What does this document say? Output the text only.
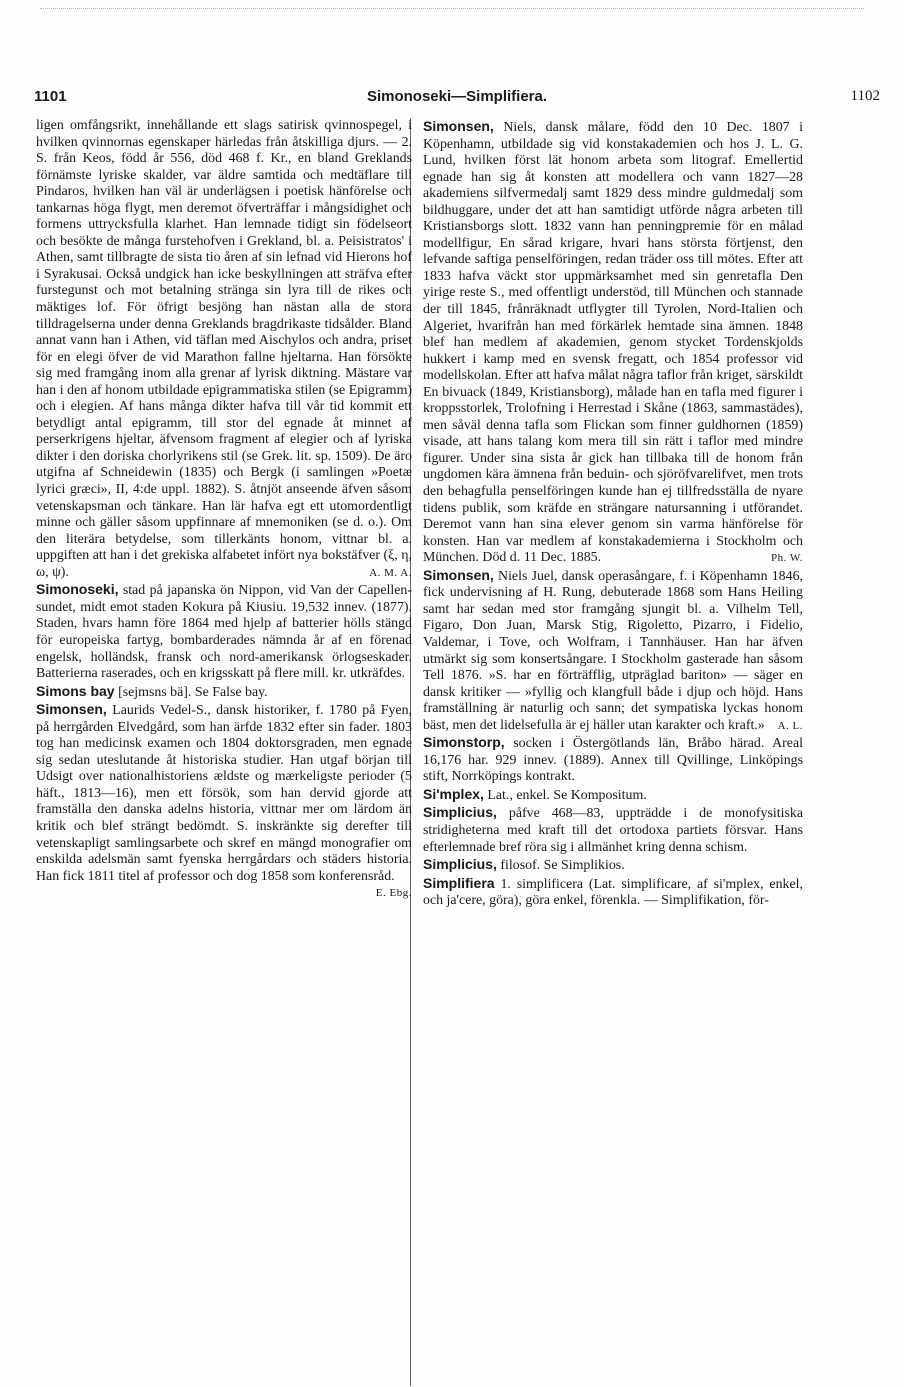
1101	Simonoseki—Simplifiera.	1102

ligen omfångsrikt, innehållande ett slags satirisk qvinnospegel, i hvilken qvinnornas egenskaper härledas från åtskilliga djurs. — 2. S. från Keos, född år 556, död 468 f. Kr., en bland Greklands förnämste lyriske skalder, var äldre samtida och medtäflare till Pindaros, hvilken han väl är underlägsen i poetisk hänförelse och tankarnas höga flygt, men deremot öfverträffar i mångsidighet och formens uttrycksfulla klarhet. Han lemnade tidigt sin födelseort och besökte de många furstehofven i Grekland, bl. a. Peisistratos' i Athen, samt tillbragte de sista tio åren af sin lefnad vid Hierons hof i Syrakusai. Också undgick han icke beskyllningen att sträfva efter furstegunst och mot betalning stränga sin lyra till de rikes och mäktiges lof. För öfrigt besjöng han nästan alla de stora tilldragelserna under denna Greklands bragdrikaste tidsålder. Bland annat vann han i Athen, vid täflan med Aischylos och andra, priset för en elegi öfver de vid Marathon fallne hjeltarna. Han försökte sig med framgång inom alla grenar af lyrisk diktning. Mästare var han i den af honom utbildade epigrammatiska stilen (se Epigramm) och i elegien. Af hans många dikter hafva till vår tid kommit ett betydligt antal epigramm, till stor del egnade åt minnet af perserkrigens hjeltar, äfvensom fragment af elegier och af lyriska dikter i den doriska chorlyrikens stil (se Grek. lit. sp. 1509). De äro utgifna af Schneidewin (1835) och Bergk (i samlingen »Poetæ lyrici græci», II, 4:de uppl. 1882). S. åtnjöt anseende äfven såsom vetenskapsman och tänkare. Han lär hafva egt ett utomordentligt minne och gäller såsom uppfinnare af mnemoniken (se d. o.). Om den literära betydelse, som tillerkänts honom, vittnar bl. a. uppgiften att han i det grekiska alfabetet infört nya bokstäfver (ξ, η, ω, ψ).	A. M. A.

Simonoseki, stad på japanska ön Nippon, vid Van der Capellen-sundet, midt emot staden Kokura på Kiusiu. 19,532 innev. (1877). Staden, hvars hamn före 1864 med hjelp af batterier hölls stängd för europeiska fartyg, bombarderades nämnda år af en förenad engelsk, holländsk, fransk och nord-amerikansk örlogseskader. Batterierna raserades, och en krigsskatt på flere mill. kr. utkräfdes.

Simons bay [sejmsns bä]. Se False bay.

Simonsen, Laurids Vedel-S., dansk historiker, f. 1780 på Fyen, på herrgården Elvedgård, som han ärfde 1832 efter sin fader. 1803 tog han medicinsk examen och 1804 doktorsgraden, men egnade sig sedan uteslutande åt historiska studier. Han utgaf början till Udsigt over nationalhistoriens ældste og mærkeligste perioder (5 häft., 1813—16), men ett försök, som han dervid gjorde att framställa den danska adelns historia, vittnar mer om lärdom än kritik och blef strängt bedömdt. S. inskränkte sig derefter till vetenskapligt samlingsarbete och skref en mängd monografier om enskilda adelsmän samt fyenska herrgårdars och städers historia. Han fick 1811 titel af professor och dog 1858 som konferensråd.
E. Ebg.

Simonsen, Niels, dansk målare, född den 10 Dec. 1807 i Köpenhamn, utbildade sig vid konstakademien och hos J. L. G. Lund, hvilken först lät honom arbeta som litograf. Emellertid egnade han sig åt konsten att modellera och vann 1827—28 akademiens silfvermedalj samt 1829 dess mindre guldmedalj som bildhuggare, under det att han samtidigt utförde några arbeten till Kristiansborgs slott. 1832 vann han penningpremie för en målad modellfigur, En sårad krigare, hvari hans största förtjenst, den lefvande saftiga penselföringen, redan träder oss till mötes. Efter att 1833 hafva väckt stor uppmärksamhet med sin genretafla Den yirige reste S., med offentligt understöd, till München och stannade der till 1845, frånräknadt utflygter till Tyrolen, Nord-Italien och Algeriet, hvarifrån han med förkärlek hemtade sina ämnen. 1848 blef han medlem af akademien, genom stycket Tordenskjolds hukkert i kamp med en svensk fregatt, och 1854 professor vid modellskolan. Efter att hafva målat några taflor från kriget, särskildt En bivuack (1849, Kristiansborg), målade han en tafla med figurer i kroppsstorlek, Trolofning i Herrestad i Skåne (1863, sammastädes), men såväl denna tafla som Flickan som finner guldhornen (1859) visade, att hans talang kom mera till sin rätt i taflor med mindre figurer. Under sina sista år gick han tillbaka till de honom från ungdomen kära ämnena från beduin- och sjöröfvarelifvet, men trots den behagfulla penselföringen kunde han ej tillfredsställa de nyare tidens publik, som kräfde en strängare natursanning i utförandet. Deremot vann han sina elever genom sin varma hänförelse för konsten. Han var medlem af konstakademierna i Stockholm och München. Död d. 11 Dec. 1885.	Ph. W.

Simonsen, Niels Juel, dansk operasångare, f. i Köpenhamn 1846, fick undervisning af H. Rung, debuterade 1868 som Hans Heiling samt har sedan med stor framgång sjungit bl. a. Vilhelm Tell, Figaro, Don Juan, Marsk Stig, Rigoletto, Pizarro, i Fidelio, Valdemar, i Tove, och Wolfram, i Tannhäuser. Han har äfven utmärkt sig som konsertsångare. I Stockholm gasterade han såsom Tell 1876. »S. har en förträfflig, utpräglad bariton» — säger en dansk kritiker — »fyllig och klangfull både i djup och höjd. Hans framställning är naturlig och sann; det sympatiska lyckas honom bäst, men det lidelsefulla är ej häller utan karakter och kraft.» A. L.

Simonstorp, socken i Östergötlands län, Bråbo härad. Areal 16,176 har. 929 innev. (1889). Annex till Qvillinge, Linköpings stift, Norrköpings kontrakt.

Si'mplex, Lat., enkel. Se Kompositum.

Simplicius, påfve 468—83, uppträdde i de monofysitiska stridigheterna med kraft till det ortodoxa partiets försvar. Hans efterlemnade bref röra sig i allmänhet kring denna schism.

Simplicius, filosof. Se Simplikios.

Simplifiera 1. simplificera (Lat. simplificare, af si'mplex, enkel, och ja'cere, göra), göra enkel, förenkla. — Simplifikation, för-
